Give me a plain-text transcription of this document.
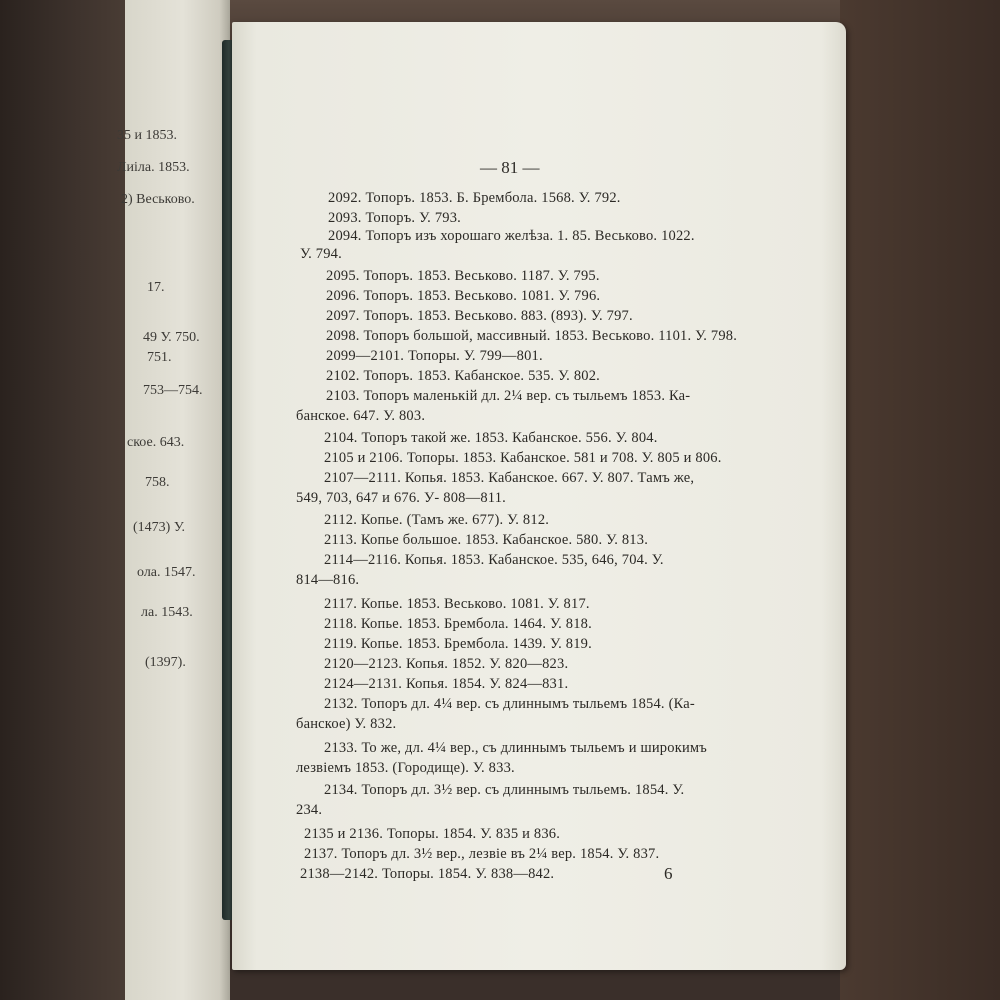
35 и 1853.
Лиіла. 1853.
2) Веськово.
17.
49 У. 750.
751.
753—754.
ское. 643.
758.
(1473) У.
ола. 1547.
ла. 1543.
(1397).
— 81 —
2092. Топоръ. 1853. Б. Бремболa. 1568. У. 792.
2093. Топоръ. У. 793.
2094. Топоръ изъ хорошаго желѣза. 1. 85. Веськово. 1022.
У. 794.
2095. Топоръ. 1853. Веськово. 1187. У. 795.
2096. Топоръ. 1853. Веськово. 1081. У. 796.
2097. Топоръ. 1853. Веськово. 883. (893). У. 797.
2098. Топоръ большой, массивный. 1853. Веськово. 1101. У. 798.
2099—2101. Топоры. У. 799—801.
2102. Топоръ. 1853. Кабанское. 535. У. 802.
2103. Топоръ маленькій дл. 2¼ вер. съ тыльемъ 1853. Ка-
банское. 647. У. 803.
2104. Топоръ такой же. 1853. Кабанское. 556. У. 804.
2105 и 2106. Топоры. 1853. Кабанское. 581 и 708. У. 805 и 806.
2107—2111. Копья. 1853. Кабанское. 667. У. 807. Тамъ же,
549, 703, 647 и 676. У- 808—811.
2112. Копье. (Тамъ же. 677). У. 812.
2113. Копье большое. 1853. Кабанское. 580. У. 813.
2114—2116. Копья. 1853. Кабанское. 535, 646, 704. У.
814—816.
2117. Копье. 1853. Веськово. 1081. У. 817.
2118. Копье. 1853. Бремболa. 1464. У. 818.
2119. Копье. 1853. Бремболa. 1439. У. 819.
2120—2123. Копья. 1852. У. 820—823.
2124—2131. Копья. 1854. У. 824—831.
2132. Топоръ дл. 4¼ вер. съ длиннымъ тыльемъ 1854. (Ка-
банское) У. 832.
2133. То же, дл. 4¼ вер., съ длиннымъ тыльемъ и широкимъ
лезвіемъ 1853. (Городище). У. 833.
2134. Топоръ дл. 3½ вер. съ длиннымъ тыльемъ. 1854. У.
234.
2135 и 2136. Топоры. 1854. У. 835 и 836.
2137. Топоръ дл. 3½ вер., лезвіе въ 2¼ вер. 1854. У. 837.
2138—2142. Топоры. 1854. У. 838—842.	6
